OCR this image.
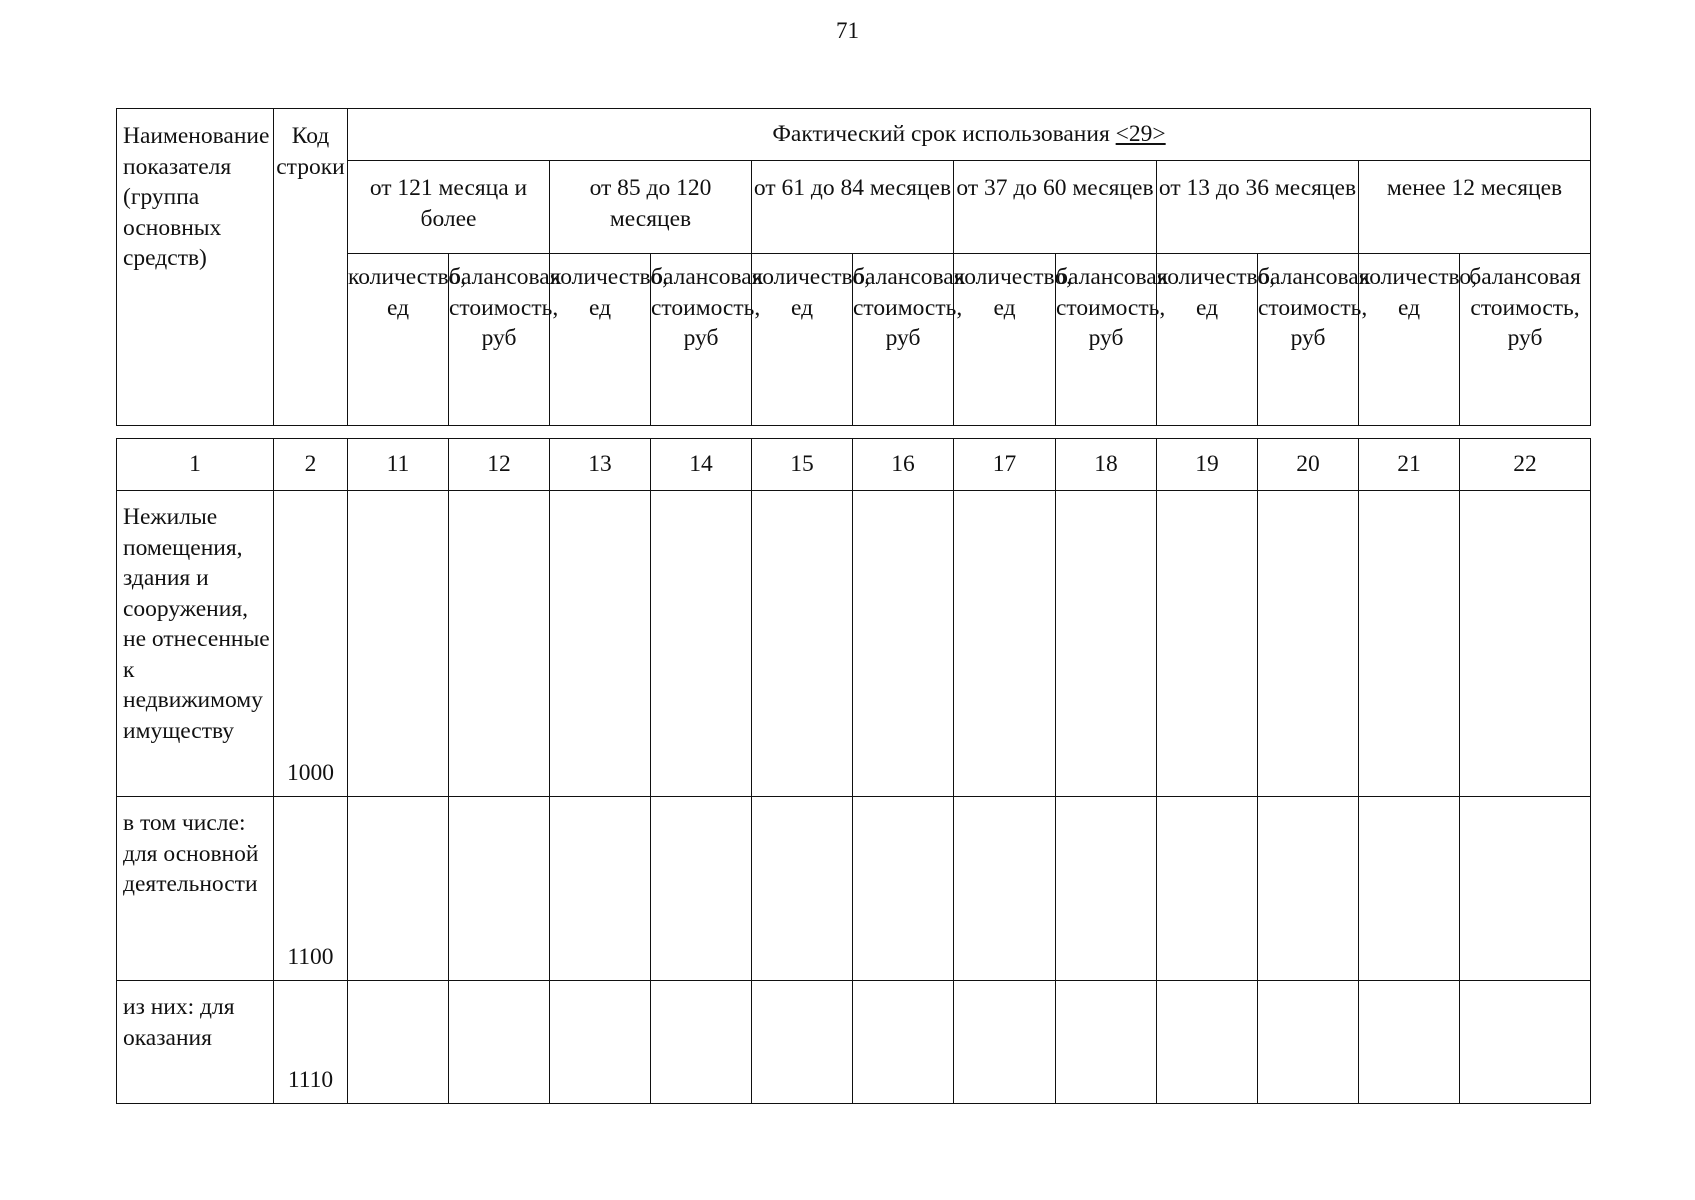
71
Наименование показателя (группа основных средств)	Код строки	Фактический срок использования <29>											
		от 121 месяца и более		от 85 до 120 месяцев		от 61 до 84 месяцев		от 37 до 60 месяцев		от 13 до 36 месяцев		менее 12 месяцев	
		количество, ед	балансовая стоимость, руб	количество, ед	балансовая стоимость, руб	количество, ед	балансовая стоимость, руб	количество, ед	балансовая стоимость, руб	количество, ед	балансовая стоимость, руб	количество, ед	балансовая стоимость, руб
1	2	11	12	13	14	15	16	17	18	19	20	21	22
Нежилые помещения, здания и сооружения, не отнесенные к недвижимому имуществу	1000												
в том числе: для основной деятельности	1100												
из них: для оказания	1110												
